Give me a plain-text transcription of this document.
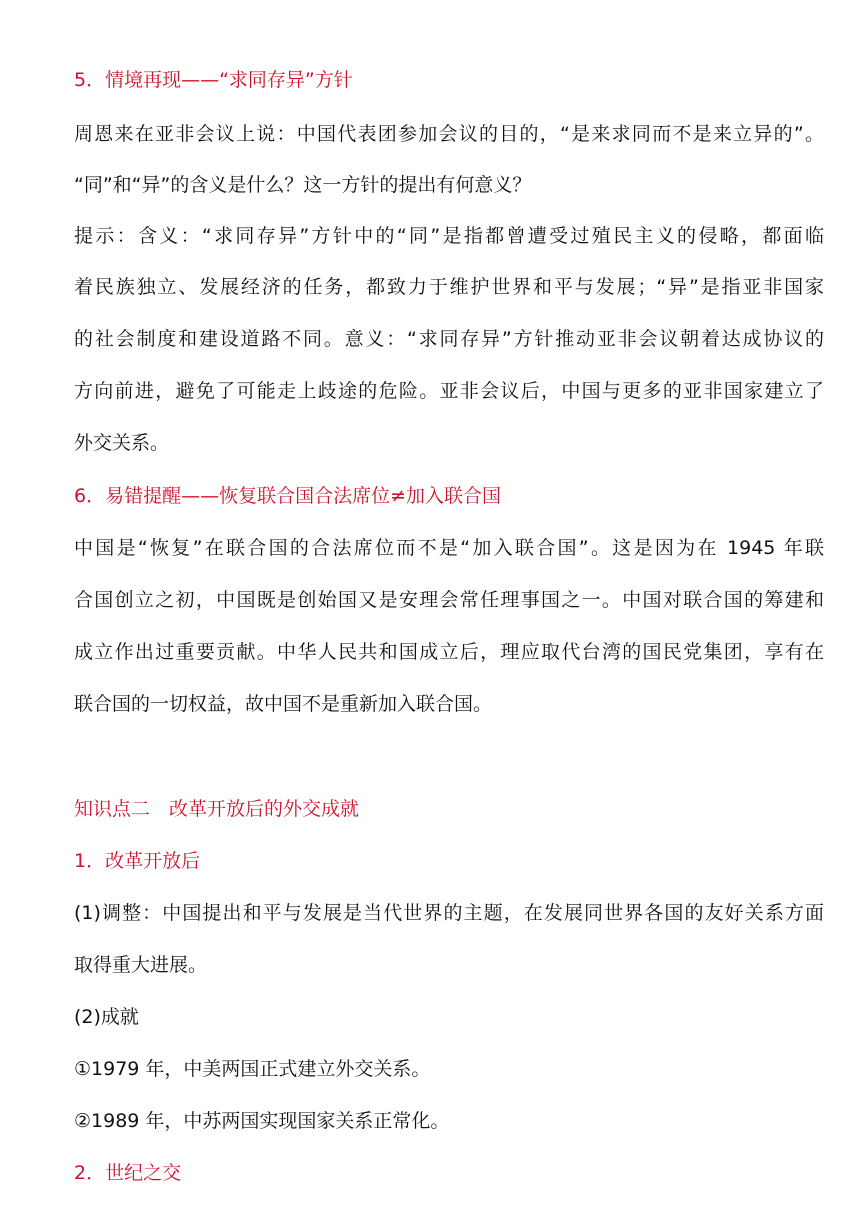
5．情境再现——“求同存异”方针
周恩来在亚非会议上说：中国代表团参加会议的目的，“是来求同而不是来立异的”。
“同”和“异”的含义是什么？这一方针的提出有何意义？
提示：含义：“求同存异”方针中的“同”是指都曾遭受过殖民主义的侵略，都面临
着民族独立、发展经济的任务，都致力于维护世界和平与发展；“异”是指亚非国家
的社会制度和建设道路不同。意义：“求同存异”方针推动亚非会议朝着达成协议的
方向前进，避免了可能走上歧途的危险。亚非会议后，中国与更多的亚非国家建立了
外交关系。
6．易错提醒——恢复联合国合法席位≠加入联合国
中国是“恢复”在联合国的合法席位而不是“加入联合国”。这是因为在 1945 年联
合国创立之初，中国既是创始国又是安理会常任理事国之一。中国对联合国的筹建和
成立作出过重要贡献。中华人民共和国成立后，理应取代台湾的国民党集团，享有在
联合国的一切权益，故中国不是重新加入联合国。
知识点二　改革开放后的外交成就
1．改革开放后
(1)调整：中国提出和平与发展是当代世界的主题，在发展同世界各国的友好关系方面
取得重大进展。
(2)成就
①1979 年，中美两国正式建立外交关系。
②1989 年，中苏两国实现国家关系正常化。
2．世纪之交
